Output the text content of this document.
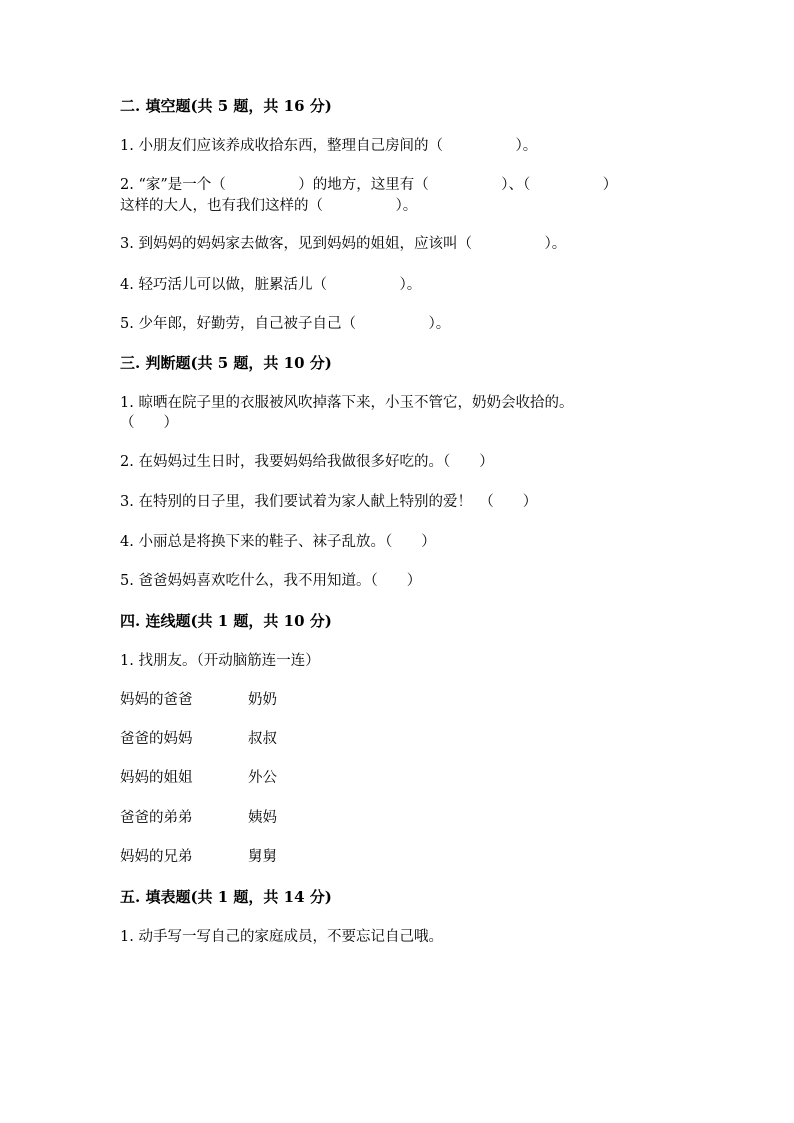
二. 填空题(共 5 题，共 16 分)
1. 小朋友们应该养成收拾东西，整理自己房间的（　　　　　）。
2. “家”是一个（　　　　　）的地方，这里有（　　　　　）、（　　　　　）
这样的大人，也有我们这样的（　　　　　）。
3. 到妈妈的妈妈家去做客，见到妈妈的姐姐，应该叫（　　　　　）。
4. 轻巧活儿可以做，脏累活儿（　　　　　）。
5. 少年郎，好勤劳，自己被子自己（　　　　　）。
三. 判断题(共 5 题，共 10 分)
1. 晾晒在院子里的衣服被风吹掉落下来，小玉不管它，奶奶会收拾的。
（　　）
2. 在妈妈过生日时，我要妈妈给我做很多好吃的。（　　）
3. 在特别的日子里，我们要试着为家人献上特别的爱！　（　　）
4. 小丽总是将换下来的鞋子、袜子乱放。（　　）
5. 爸爸妈妈喜欢吃什么，我不用知道。（　　）
四. 连线题(共 1 题，共 10 分)
1. 找朋友。（开动脑筋连一连）
妈妈的爸爸	奶奶
爸爸的妈妈	叔叔
妈妈的姐姐	外公
爸爸的弟弟	姨妈
妈妈的兄弟	舅舅
五. 填表题(共 1 题，共 14 分)
1. 动手写一写自己的家庭成员，不要忘记自己哦。
